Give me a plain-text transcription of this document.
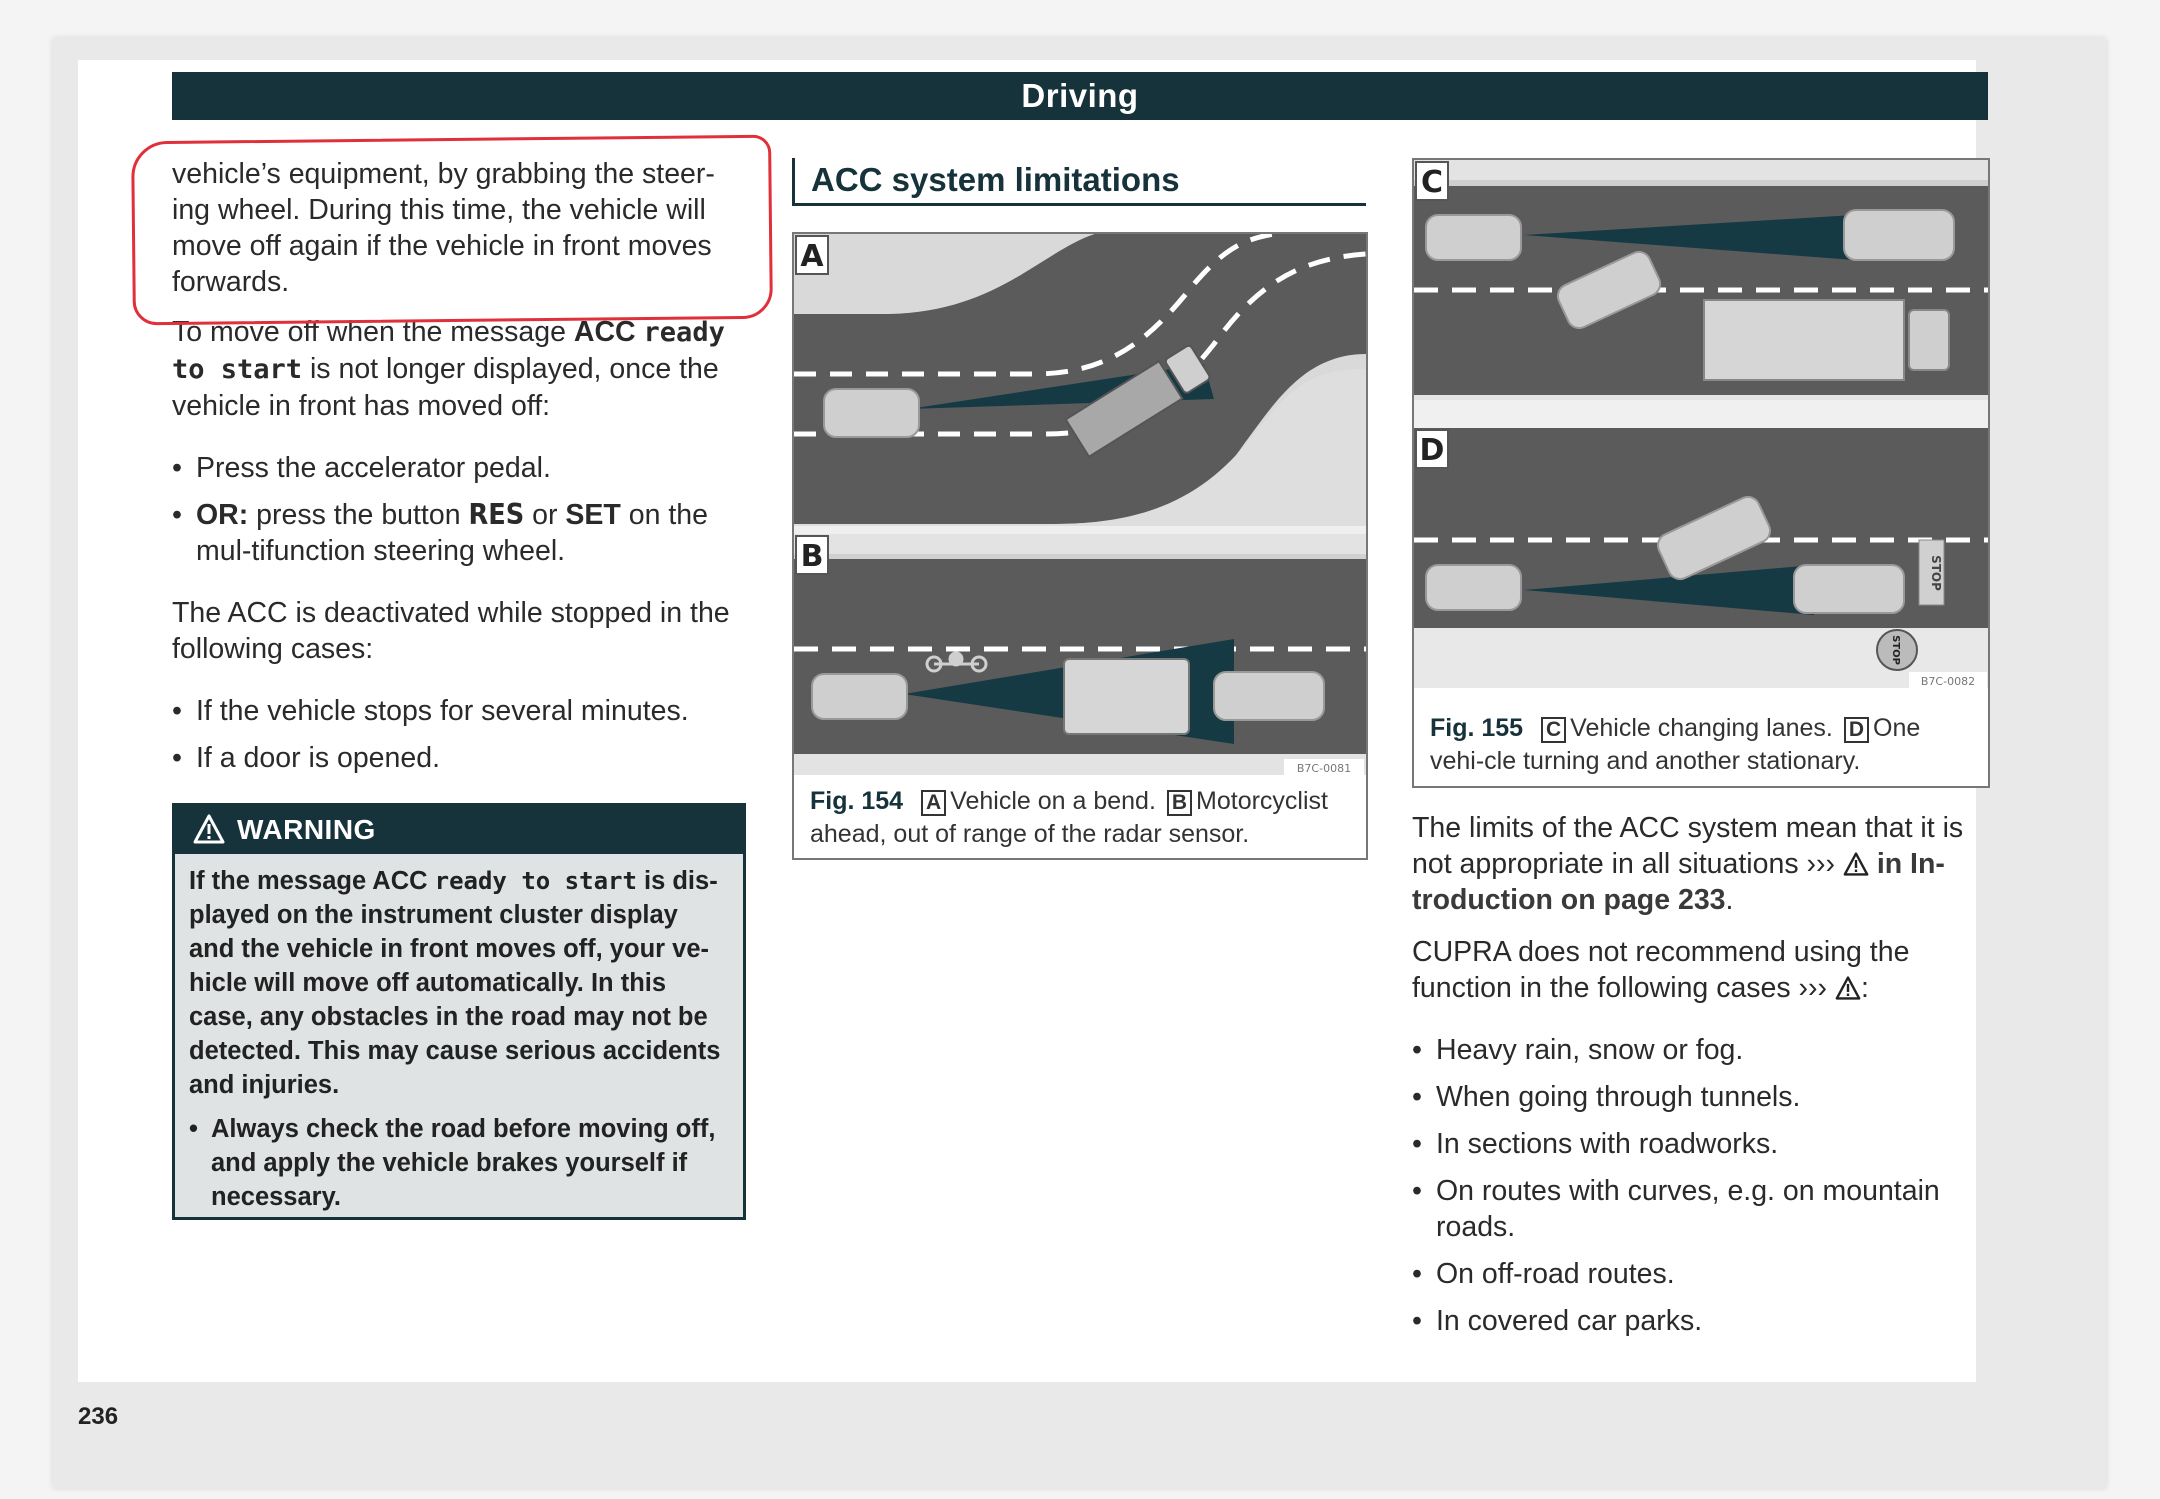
Driving
236

vehicle’s equipment, by grabbing the steer-ing wheel. During this time, the vehicle will move off again if the vehicle in front moves forwards.

To move off when the message ACC ready to start is not longer displayed, once the vehicle in front has moved off:

• Press the accelerator pedal.

• OR: press the button RES or SET on the mul-tifunction steering wheel.

The ACC is deactivated while stopped in the following cases:

• If the vehicle stops for several minutes.

• If a door is opened.

WARNING

If the message ACC ready to start is dis-played on the instrument cluster display and the vehicle in front moves off, your ve-hicle will move off automatically. In this case, any obstacles in the road may not be detected. This may cause serious accidents and injuries.

• Always check the road before moving off, and apply the vehicle brakes yourself if necessary.

ACC system limitations
A
B
B7C-0081
Fig. 154 A Vehicle on a bend. B Motorcyclist ahead, out of range of the radar sensor.
C
STOP
STOP
D
B7C-0082
Fig. 155 C Vehicle changing lanes. D One vehi-cle turning and another stationary.

The limits of the ACC system mean that it is not appropriate in all situations ›››  in In-troduction on page 233.

CUPRA does not recommend using the function in the following cases ››› :

• Heavy rain, snow or fog.

• When going through tunnels.

• In sections with roadworks.

• On routes with curves, e.g. on mountain roads.

• On off-road routes.

• In covered car parks.
